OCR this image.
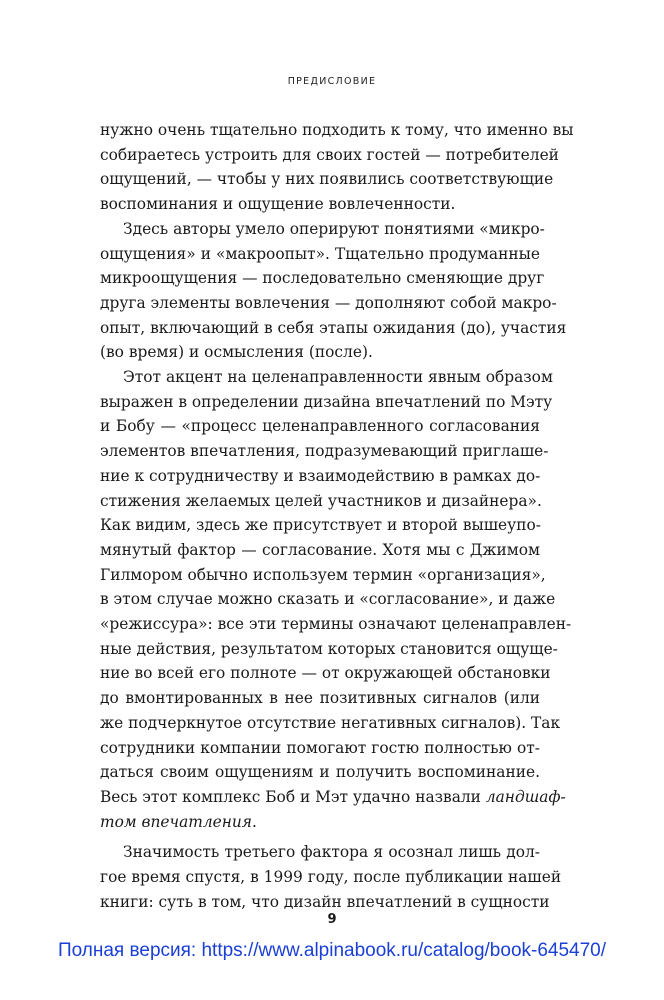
ПРЕДИСЛОВИЕ
нужно очень тщательно подходить к тому, что именно вы
собираетесь устроить для своих гостей — потребителей
ощущений, — чтобы у них появились соответствующие
воспоминания и ощущение вовлеченности.
Здесь авторы умело оперируют понятиями «микро-
ощущения» и «макроопыт». Тщательно продуманные
микроощущения — последовательно сменяющие друг
друга элементы вовлечения — дополняют собой макро-
опыт, включающий в себя этапы ожидания (до), участия
(во время) и осмысления (после).
Этот акцент на целенаправленности явным образом
выражен в определении дизайна впечатлений по Мэту
и Бобу — «процесс целенаправленного согласования
элементов впечатления, подразумевающий приглаше-
ние к сотрудничеству и взаимодействию в рамках до-
стижения желаемых целей участников и дизайнера».
Как видим, здесь же присутствует и второй вышеупо-
мянутый фактор — согласование. Хотя мы с Джимом
Гилмором обычно используем термин «организация»,
в этом случае можно сказать и «согласование», и даже
«режиссура»: все эти термины означают целенаправлен-
ные действия, результатом которых становится ощуще-
ние во всей его полноте — от окружающей обстановки
до вмонтированных в нее позитивных сигналов (или
же подчеркнутое отсутствие негативных сигналов). Так
сотрудники компании помогают гостю полностью от-
даться своим ощущениям и получить воспоминание.
Весь этот комплекс Боб и Мэт удачно назвали ландшаф-
том впечатления.
Значимость третьего фактора я осознал лишь дол-
гое время спустя, в 1999 году, после публикации нашей
книги: суть в том, что дизайн впечатлений в сущности
9
Полная версия: https://www.alpinabook.ru/catalog/book-645470/
